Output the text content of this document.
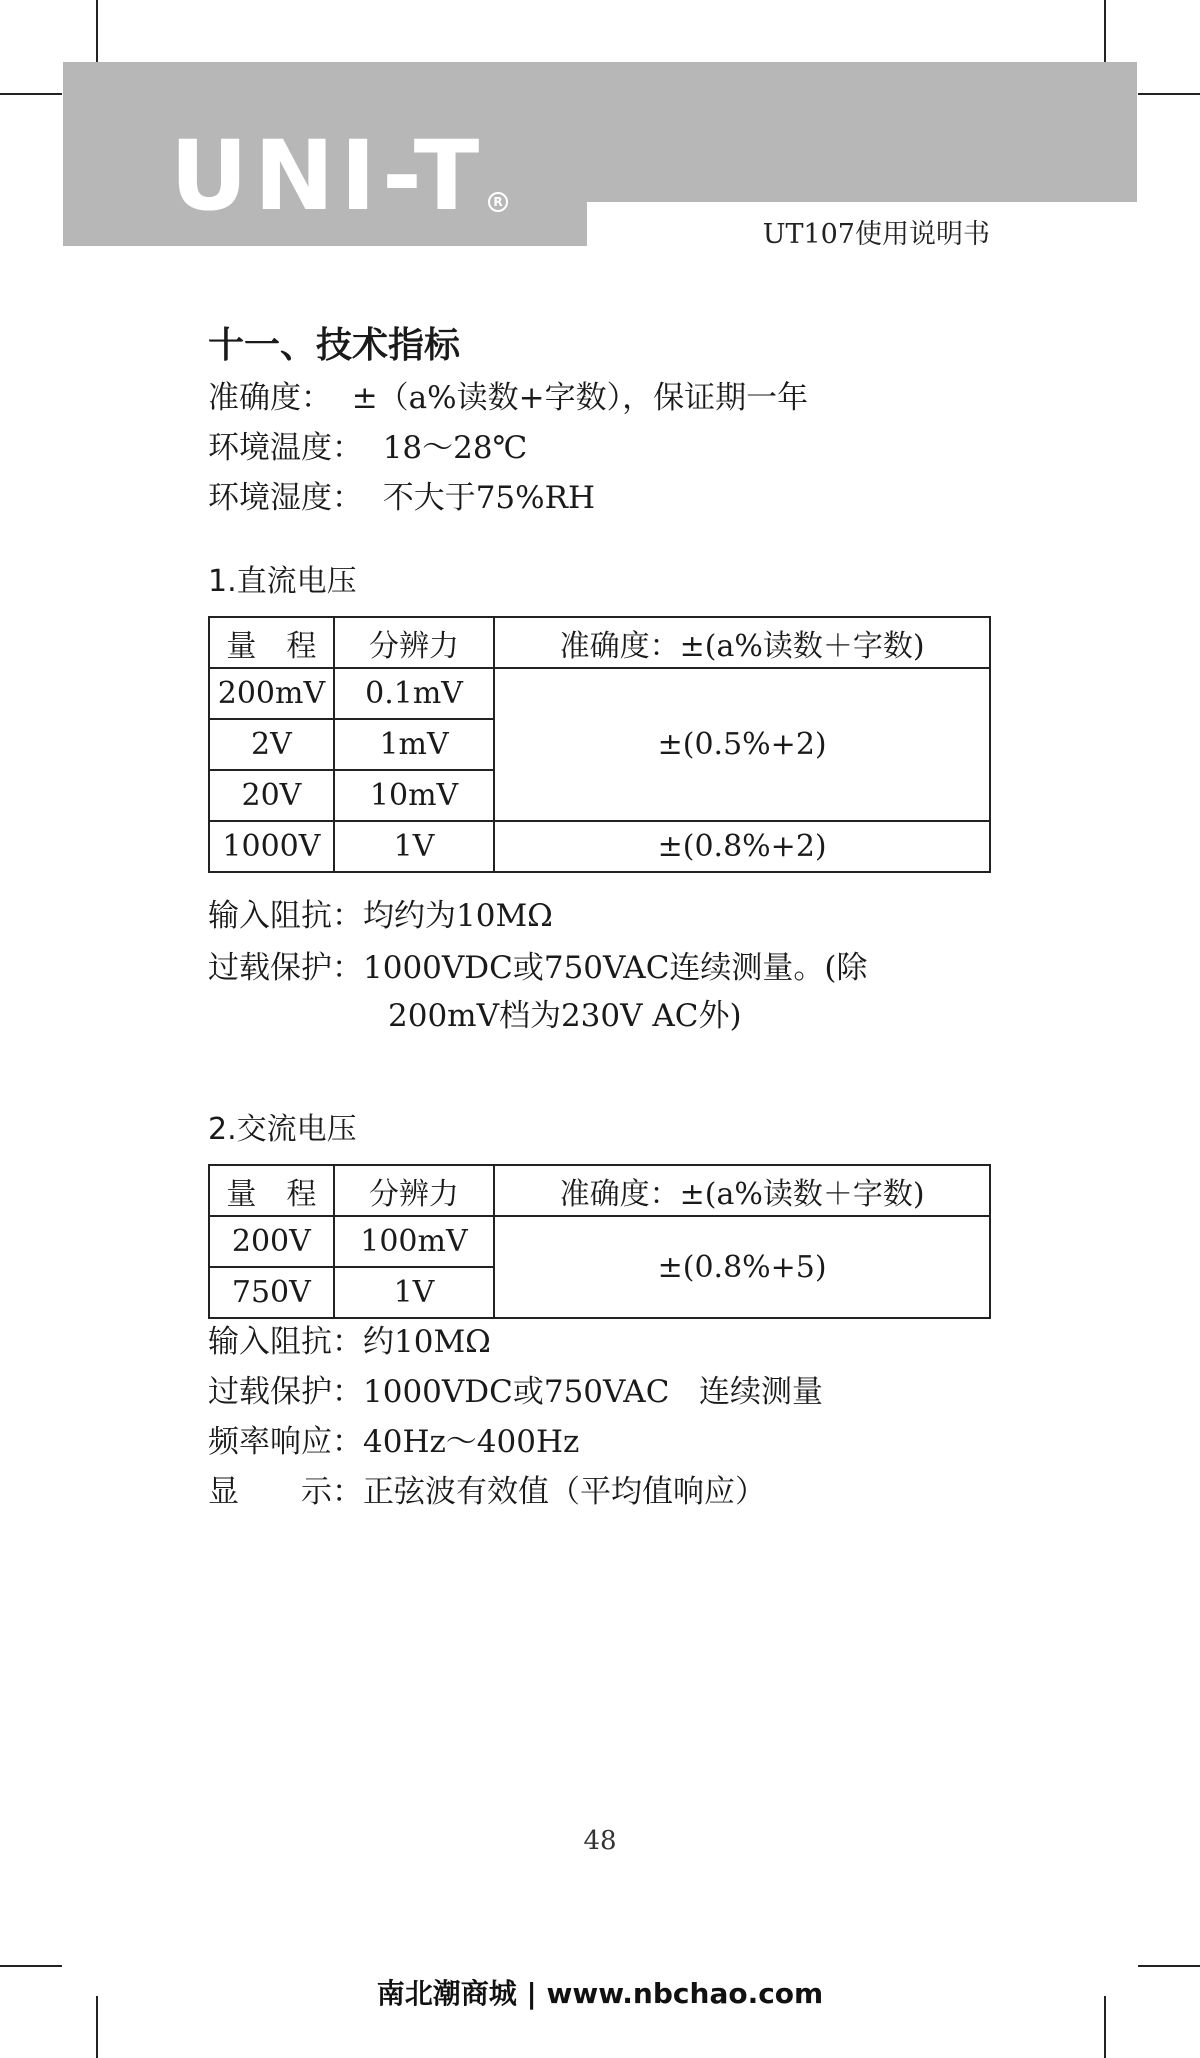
UNI-T R
UT107使用说明书
十一、技术指标
准确度：  ±（a%读数+字数），保证期一年
环境温度：  18～28℃
环境湿度：  不大于75%RH
1.直流电压
量　程	分辨力	准确度：±(a%读数＋字数)
200mV	0.1mV	±(0.5%+2)
2V	1mV	
20V	10mV	
1000V	1V	±(0.8%+2)
输入阻抗：均约为10MΩ
过载保护：1000VDC或750VAC连续测量。(除
200mV档为230V AC外)
2.交流电压
量　程	分辨力	准确度：±(a%读数＋字数)
200V	100mV	±(0.8%+5)
750V	1V	
输入阻抗：约10MΩ
过载保护：1000VDC或750VAC   连续测量
频率响应：40Hz～400Hz
显　　示：正弦波有效值（平均值响应）
48
南北潮商城 | www.nbchao.com
